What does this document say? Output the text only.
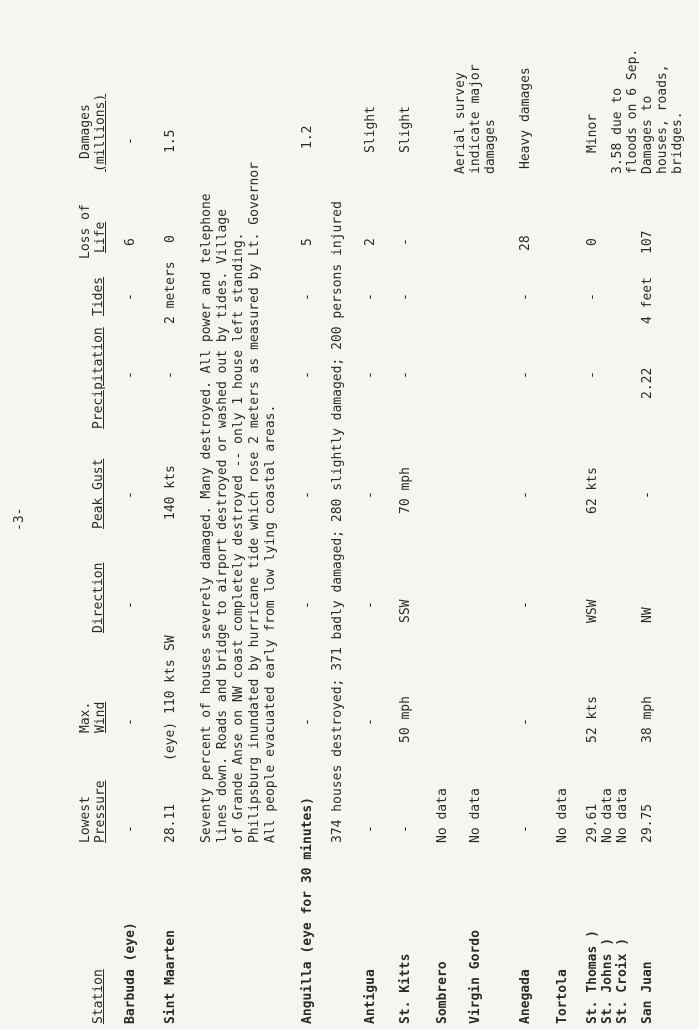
-3-
Station
Lowest Pressure
Max. Wind
Direction
Peak Gust
Precipitation
Tides
Loss of Life
Damages (millions)
Barbuda (eye)
-
-
-
-
-
-
6
-
Sint Maarten
28.11
(eye) 110 kts
SW
140 kts
-
2 meters
0
1.5
Seventy percent of houses severely damaged. Many destroyed. All power and telephone lines down. Roads and bridge to airport destroyed or washed out by tides. Village of Grande Anse on NW coast completely destroyed -- only 1 house left standing. Philipsburg inundated by hurricane tide which rose 2 meters as measured by Lt. Governor All people evacuated early from low lying coastal areas.
Anguilla (eye for 30 minutes)
-
-
-
-
-
5
1.2
374 houses destroyed; 371 badly damaged; 280 slightly damaged; 200 persons injured
Antigua
-
-
-
-
-
-
2
Slight
St. Kitts
-
50 mph
SSW
70 mph
-
-
-
Slight
Sombrero
No data
Virgin Gordo
No data
Aerial survey indicate major damages
Anegada
-
-
-
-
-
-
28
Heavy damages
Tortola
No data
St. Thomas ) St. Johns ) St. Croix )
29.61 No data No data
52 kts
WSW
62 kts
-
-
0
Minor
San Juan
29.75
38 mph
NW
-
2.22
4 feet
107
3.58 due to floods on 6 Sep. Damages to houses, roads, bridges.
